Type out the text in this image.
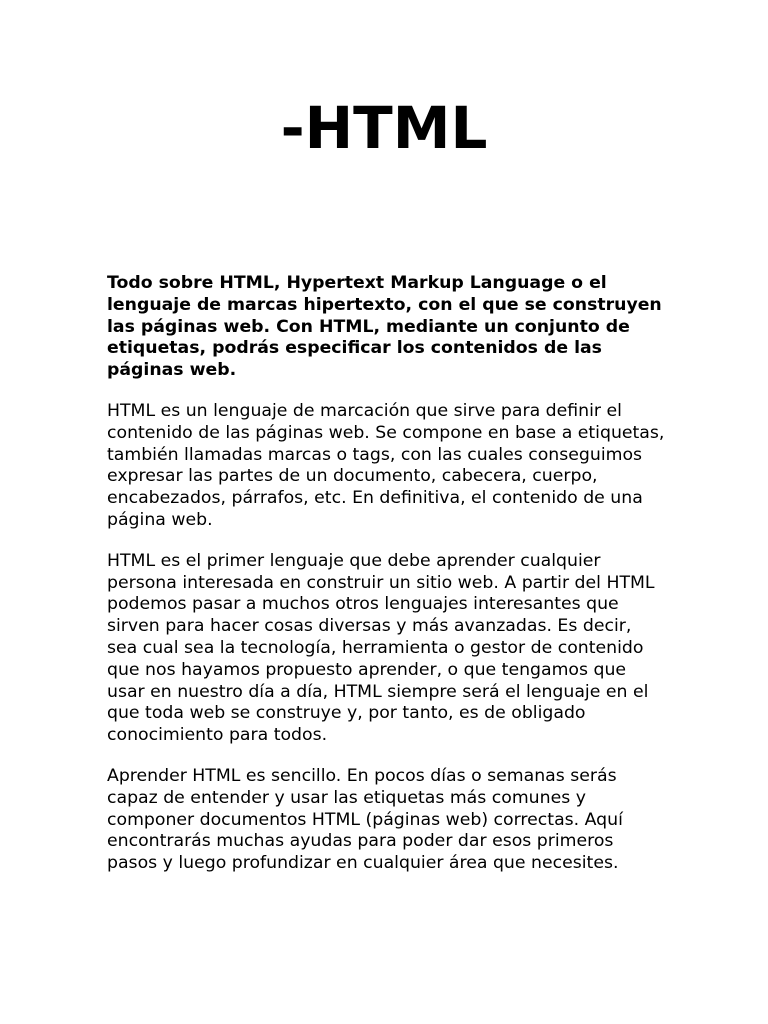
-HTML

Todo sobre HTML, Hypertext Markup Language o el lenguaje de marcas hipertexto, con el que se construyen las páginas web. Con HTML, mediante un conjunto de etiquetas, podrás especificar los contenidos de las páginas web.

HTML es un lenguaje de marcación que sirve para definir el contenido de las páginas web. Se compone en base a etiquetas, también llamadas marcas o tags, con las cuales conseguimos expresar las partes de un documento, cabecera, cuerpo, encabezados, párrafos, etc. En definitiva, el contenido de una página web.

HTML es el primer lenguaje que debe aprender cualquier persona interesada en construir un sitio web. A partir del HTML podemos pasar a muchos otros lenguajes interesantes que sirven para hacer cosas diversas y más avanzadas. Es decir, sea cual sea la tecnología, herramienta o gestor de contenido que nos hayamos propuesto aprender, o que tengamos que usar en nuestro día a día, HTML siempre será el lenguaje en el que toda web se construye y, por tanto, es de obligado conocimiento para todos.

Aprender HTML es sencillo. En pocos días o semanas serás capaz de entender y usar las etiquetas más comunes y componer documentos HTML (páginas web) correctas. Aquí encontrarás muchas ayudas para poder dar esos primeros pasos y luego profundizar en cualquier área que necesites.
